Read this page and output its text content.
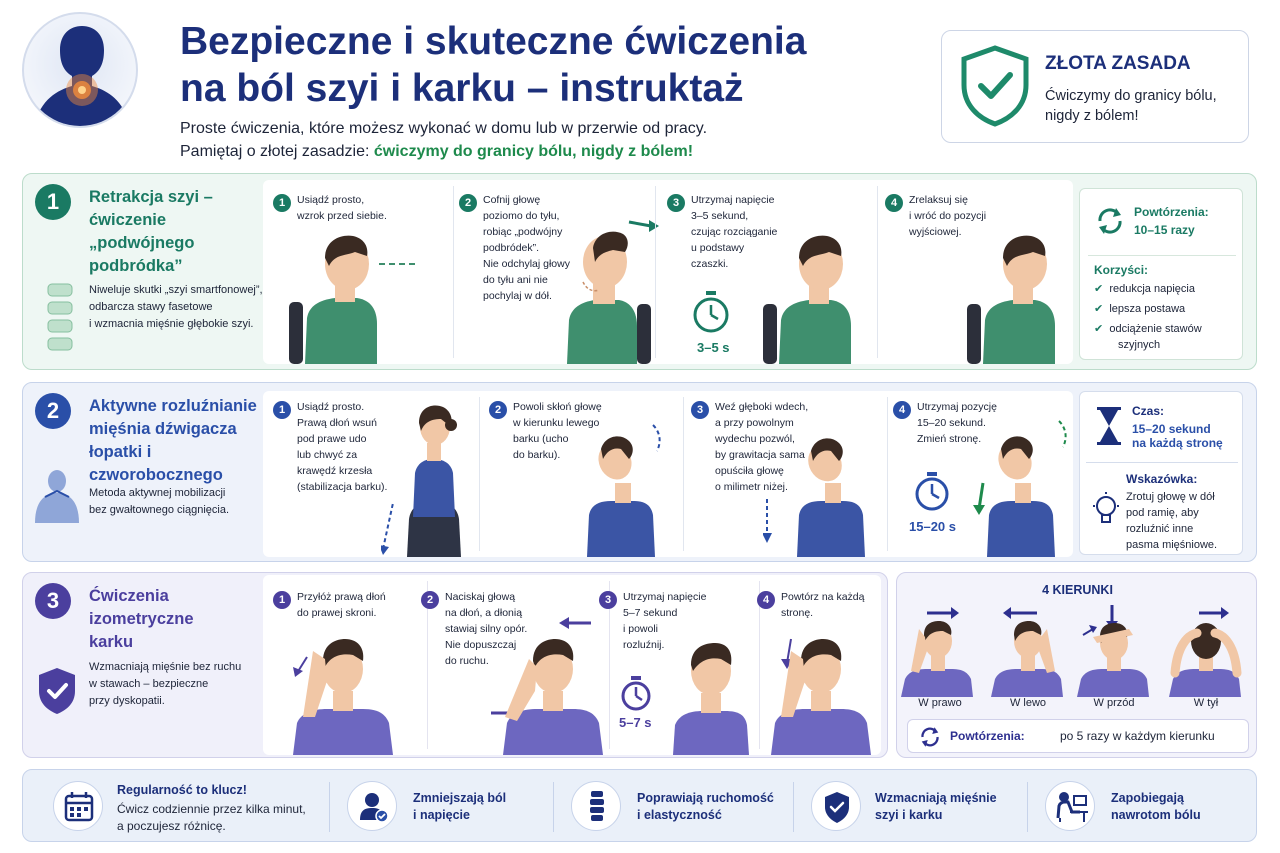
Bezpieczne i skuteczne ćwiczenia
na ból szyi i karku – instruktaż
Proste ćwiczenia, które możesz wykonać w domu lub w przerwie od pracy.
Pamiętaj o złotej zasadzie: ćwiczymy do granicy bólu, nigdy z bólem!
ZŁOTA ZASADA
Ćwiczymy do granicy bólu, nigdy z bólem!
1	Retrakcja szyi –
ćwiczenie
„podwójnego
podbródka”
Niweluje skutki „szyi smartfonowej”,
odbarcza stawy fasetowe
i wzmacnia mięśnie głębokie szyi.
1	Usiądź prosto,
wzrok przed siebie.
2	Cofnij głowę
poziomo do tyłu,
robiąc „podwójny
podbródek”.
Nie odchylaj głowy
do tyłu ani nie
pochylaj w dół.
3	Utrzymaj napięcie
3–5 sekund,
czując rozciąganie
u podstawy
czaszki.
3–5 s
4	Zrelaksuj się
i wróć do pozycji
wyjściowej.
Powtórzenia:
10–15 razy
Korzyści:
✔ redukcja napięcia
✔ lepsza postawa
✔ odciążenie stawów
szyjnych
2	Aktywne rozluźnianie
mięśnia dźwigacza
łopatki i
czworobocznego
Metoda aktywnej mobilizacji
bez gwałtownego ciągnięcia.
1	Usiądź prosto.
Prawą dłoń wsuń
pod prawe udo
lub chwyć za
krawędź krzesła
(stabilizacja barku).
2	Powoli skłoń głowę
w kierunku lewego
barku (ucho
do barku).
3	Weź głęboki wdech,
a przy powolnym
wydechu pozwól,
by grawitacja sama
opuściła głowę
o milimetr niżej.
4	Utrzymaj pozycję
15–20 sekund.
Zmień stronę.
15–20 s
Czas:
15–20 sekund
na każdą stronę
Wskazówka:
Zrotuj głowę w dół
pod ramię, aby
rozluźnić inne
pasma mięśniowe.
3	Ćwiczenia
izometryczne
karku
Wzmacniają mięśnie bez ruchu
w stawach – bezpieczne
przy dyskopatii.
1	Przyłóż prawą dłoń
do prawej skroni.
2	Naciskaj głową
na dłoń, a dłonią
stawiaj silny opór.
Nie dopuszczaj
do ruchu.
3	Utrzymaj napięcie
5–7 sekund
i powoli
rozluźnij.
5–7 s
4	Powtórz na każdą
stronę.
4 KIERUNKI
W prawo	W lewo	W przód	W tył
Powtórzenia:	po 5 razy w każdym kierunku
Regularność to klucz!
Ćwicz codziennie przez kilka minut,
a poczujesz różnicę.
Zmniejszają ból
i napięcie
Poprawiają ruchomość
i elastyczność
Wzmacniają mięśnie
szyi i karku
Zapobiegają
nawrotom bólu
